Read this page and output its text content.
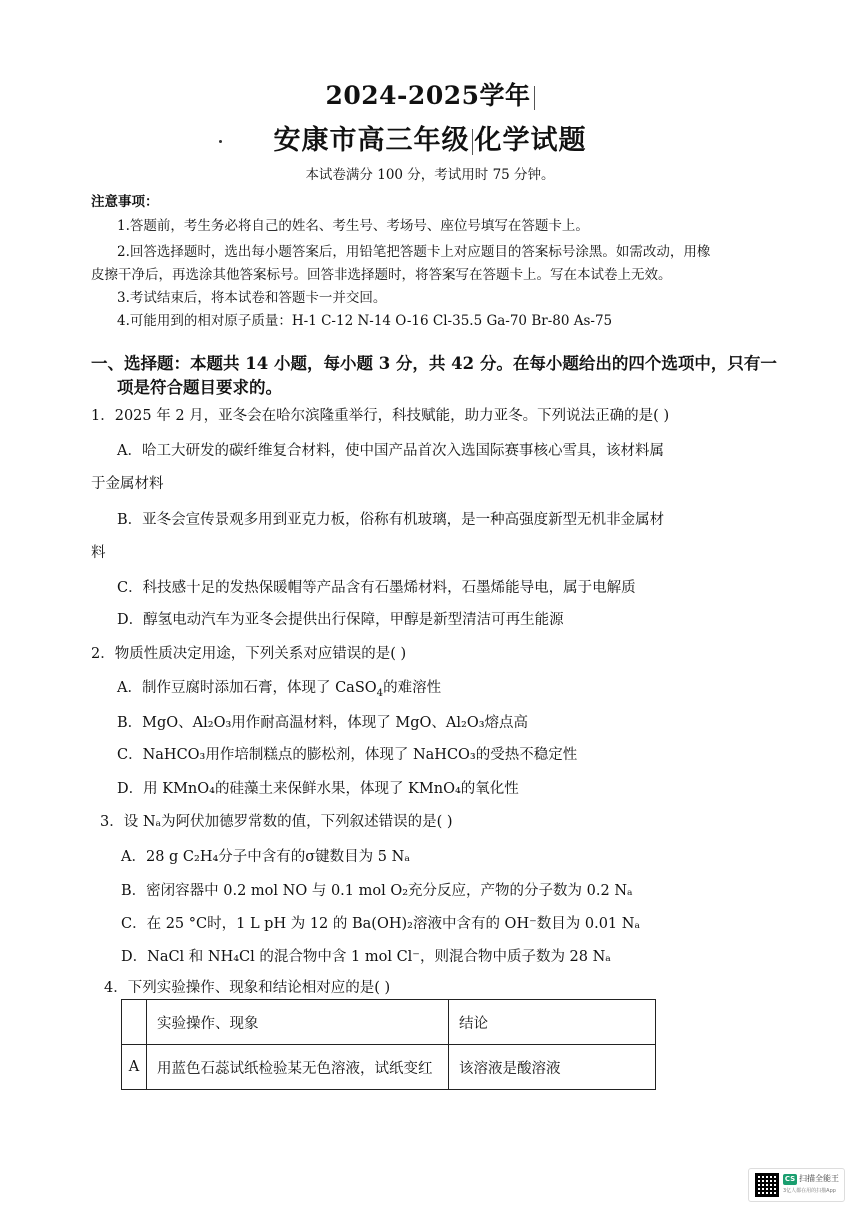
2024-2025学年
安康市高三年级 化学试题
本试卷满分 100 分，考试用时 75 分钟。
注意事项：
1.答题前，考生务必将自己的姓名、考生号、考场号、座位号填写在答题卡上。
2.回答选择题时，选出每小题答案后，用铅笔把答题卡上对应题目的答案标号涂黑。如需改动，用橡
皮擦干净后，再选涂其他答案标号。回答非选择题时，将答案写在答题卡上。写在本试卷上无效。
3.考试结束后，将本试卷和答题卡一并交回。
4.可能用到的相对原子质量：H-1 C-12 N-14 O-16 Cl-35.5 Ga-70 Br-80 As-75
一、选择题：本题共 14 小题，每小题 3 分，共 42 分。在每小题给出的四个选项中，只有一
项是符合题目要求的。
1．2025 年 2 月，亚冬会在哈尔滨隆重举行，科技赋能，助力亚冬。下列说法正确的是( )
A．哈工大研发的碳纤维复合材料，使中国产品首次入选国际赛事核心雪具，该材料属
于金属材料
B．亚冬会宣传景观多用到亚克力板，俗称有机玻璃，是一种高强度新型无机非金属材
料
C．科技感十足的发热保暖帽等产品含有石墨烯材料，石墨烯能导电，属于电解质
D．醇氢电动汽车为亚冬会提供出行保障，甲醇是新型清洁可再生能源
2．物质性质决定用途，下列关系对应错误的是( )
A．制作豆腐时添加石膏，体现了 CaSO$_4$的难溶性
B．MgO、Al₂O₃用作耐高温材料，体现了 MgO、Al₂O₃熔点高
C．NaHCO₃用作培制糕点的膨松剂，体现了 NaHCO₃的受热不稳定性
D．用 KMnO₄的硅藻土来保鲜水果，体现了 KMnO₄的氧化性
3．设 Nₐ为阿伏加德罗常数的值，下列叙述错误的是( )
A．28 g C₂H₄分子中含有的σ键数目为 5 Nₐ
B．密闭容器中 0.2 mol NO 与 0.1 mol O₂充分反应，产物的分子数为 0.2 Nₐ
C．在 25 °C时，1 L pH 为 12 的 Ba(OH)₂溶液中含有的 OH⁻数目为 0.01 Nₐ
D．NaCl 和 NH₄Cl 的混合物中含 1 mol Cl⁻，则混合物中质子数为 28 Nₐ
4．下列实验操作、现象和结论相对应的是( )
	实验操作、现象	结论
A	用蓝色石蕊试纸检验某无色溶液，试纸变红	该溶液是酸溶液
CS 扫描全能王
3亿人都在用的扫描App
